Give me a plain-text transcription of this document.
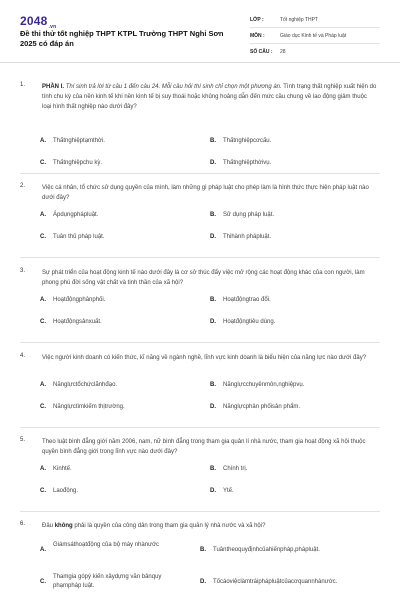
$2048_{.vn}$
Đề thi thử tốt nghiệp THPT KTPL Trường THPT Nghi Sơn 2025 có đáp án
LỚP :	Tốt nghiệp THPT
MÔN :	Giáo dục Kinh tế và Pháp luật
SỐ CÂU :	28
1.	PHẦN I. Thí sinh trả lời từ câu 1 đến câu 24. Mỗi câu hỏi thí sinh chỉ chọn một phương án. Tình trạng thất nghiệp xuất hiện do tính chu kỳ của nền kinh tế khi nền kinh tế bị suy thoái hoặc khủng hoảng dẫn đến mức cầu chung về lao động giảm thuộc loại hình thất nghiệp nào dưới đây?
A. Thấtnghiệptạmthời.	B. Thấtnghiệpcơcấu.
C. Thấtnghiệpchu kỳ.	D. Thấtnghiệpthờivụ.
2.	Việc cá nhân, tổ chức sử dụng quyền của mình, làm những gì pháp luật cho phép làm là hình thức thực hiện pháp luật nào dưới đây?
A. Ápdụngphápluật.	B. Sử dụng pháp luật.
C. Tuân thủ pháp luật.	D. Thihành phápluật.
3.	Sự phát triển của hoạt động kinh tế nào dưới đây là cơ sở thúc đẩy việc mở rộng các hoạt động khác của con người, làm phong phú đời sống vật chất và tinh thần của xã hội?
A. Hoạtđộngphânphối.	B. Hoạtđộngtrao đổi.
C. Hoạtđộngsảnxuất.	D. Hoạtđộngtiêu dùng.
4.	Việc người kinh doanh có kiến thức, kĩ năng về ngành nghề, lĩnh vực kinh doanh là biểu hiện của năng lực nào dưới đây?
A. Nănglựctổchứclãnhđạo.	B. Nănglựcchuyênmôn,nghiệpvụ.
C. Nănglựctìmkiếm thịtrường.	D. Nănglựcphân phốisản phẩm.
5.	Theo luật bình đẳng giới năm 2006, nam, nữ bình đẳng trong tham gia quản lí nhà nước, tham gia hoạt động xã hội thuộc quyền bình đẳng giới trong lĩnh vực nào dưới đây?
A. Kinhtế.	B. Chính trị.
C. Laođộng.	D. Ytế.
6.	Đâu không phải là quyền của công dân trong tham gia quản lý nhà nước và xã hội?
A.
Giámsáthoạtđộng của bộ máy nhànước
B. Tuântheoquyđịnhcủahiếnpháp,phápluật.
C.
Thamgia góp‌ý kiến xâydựng văn bảnquy phạmpháp luật.
D. Tốcáoviệclàmtráiphápluậtcủacơquannhànước.
